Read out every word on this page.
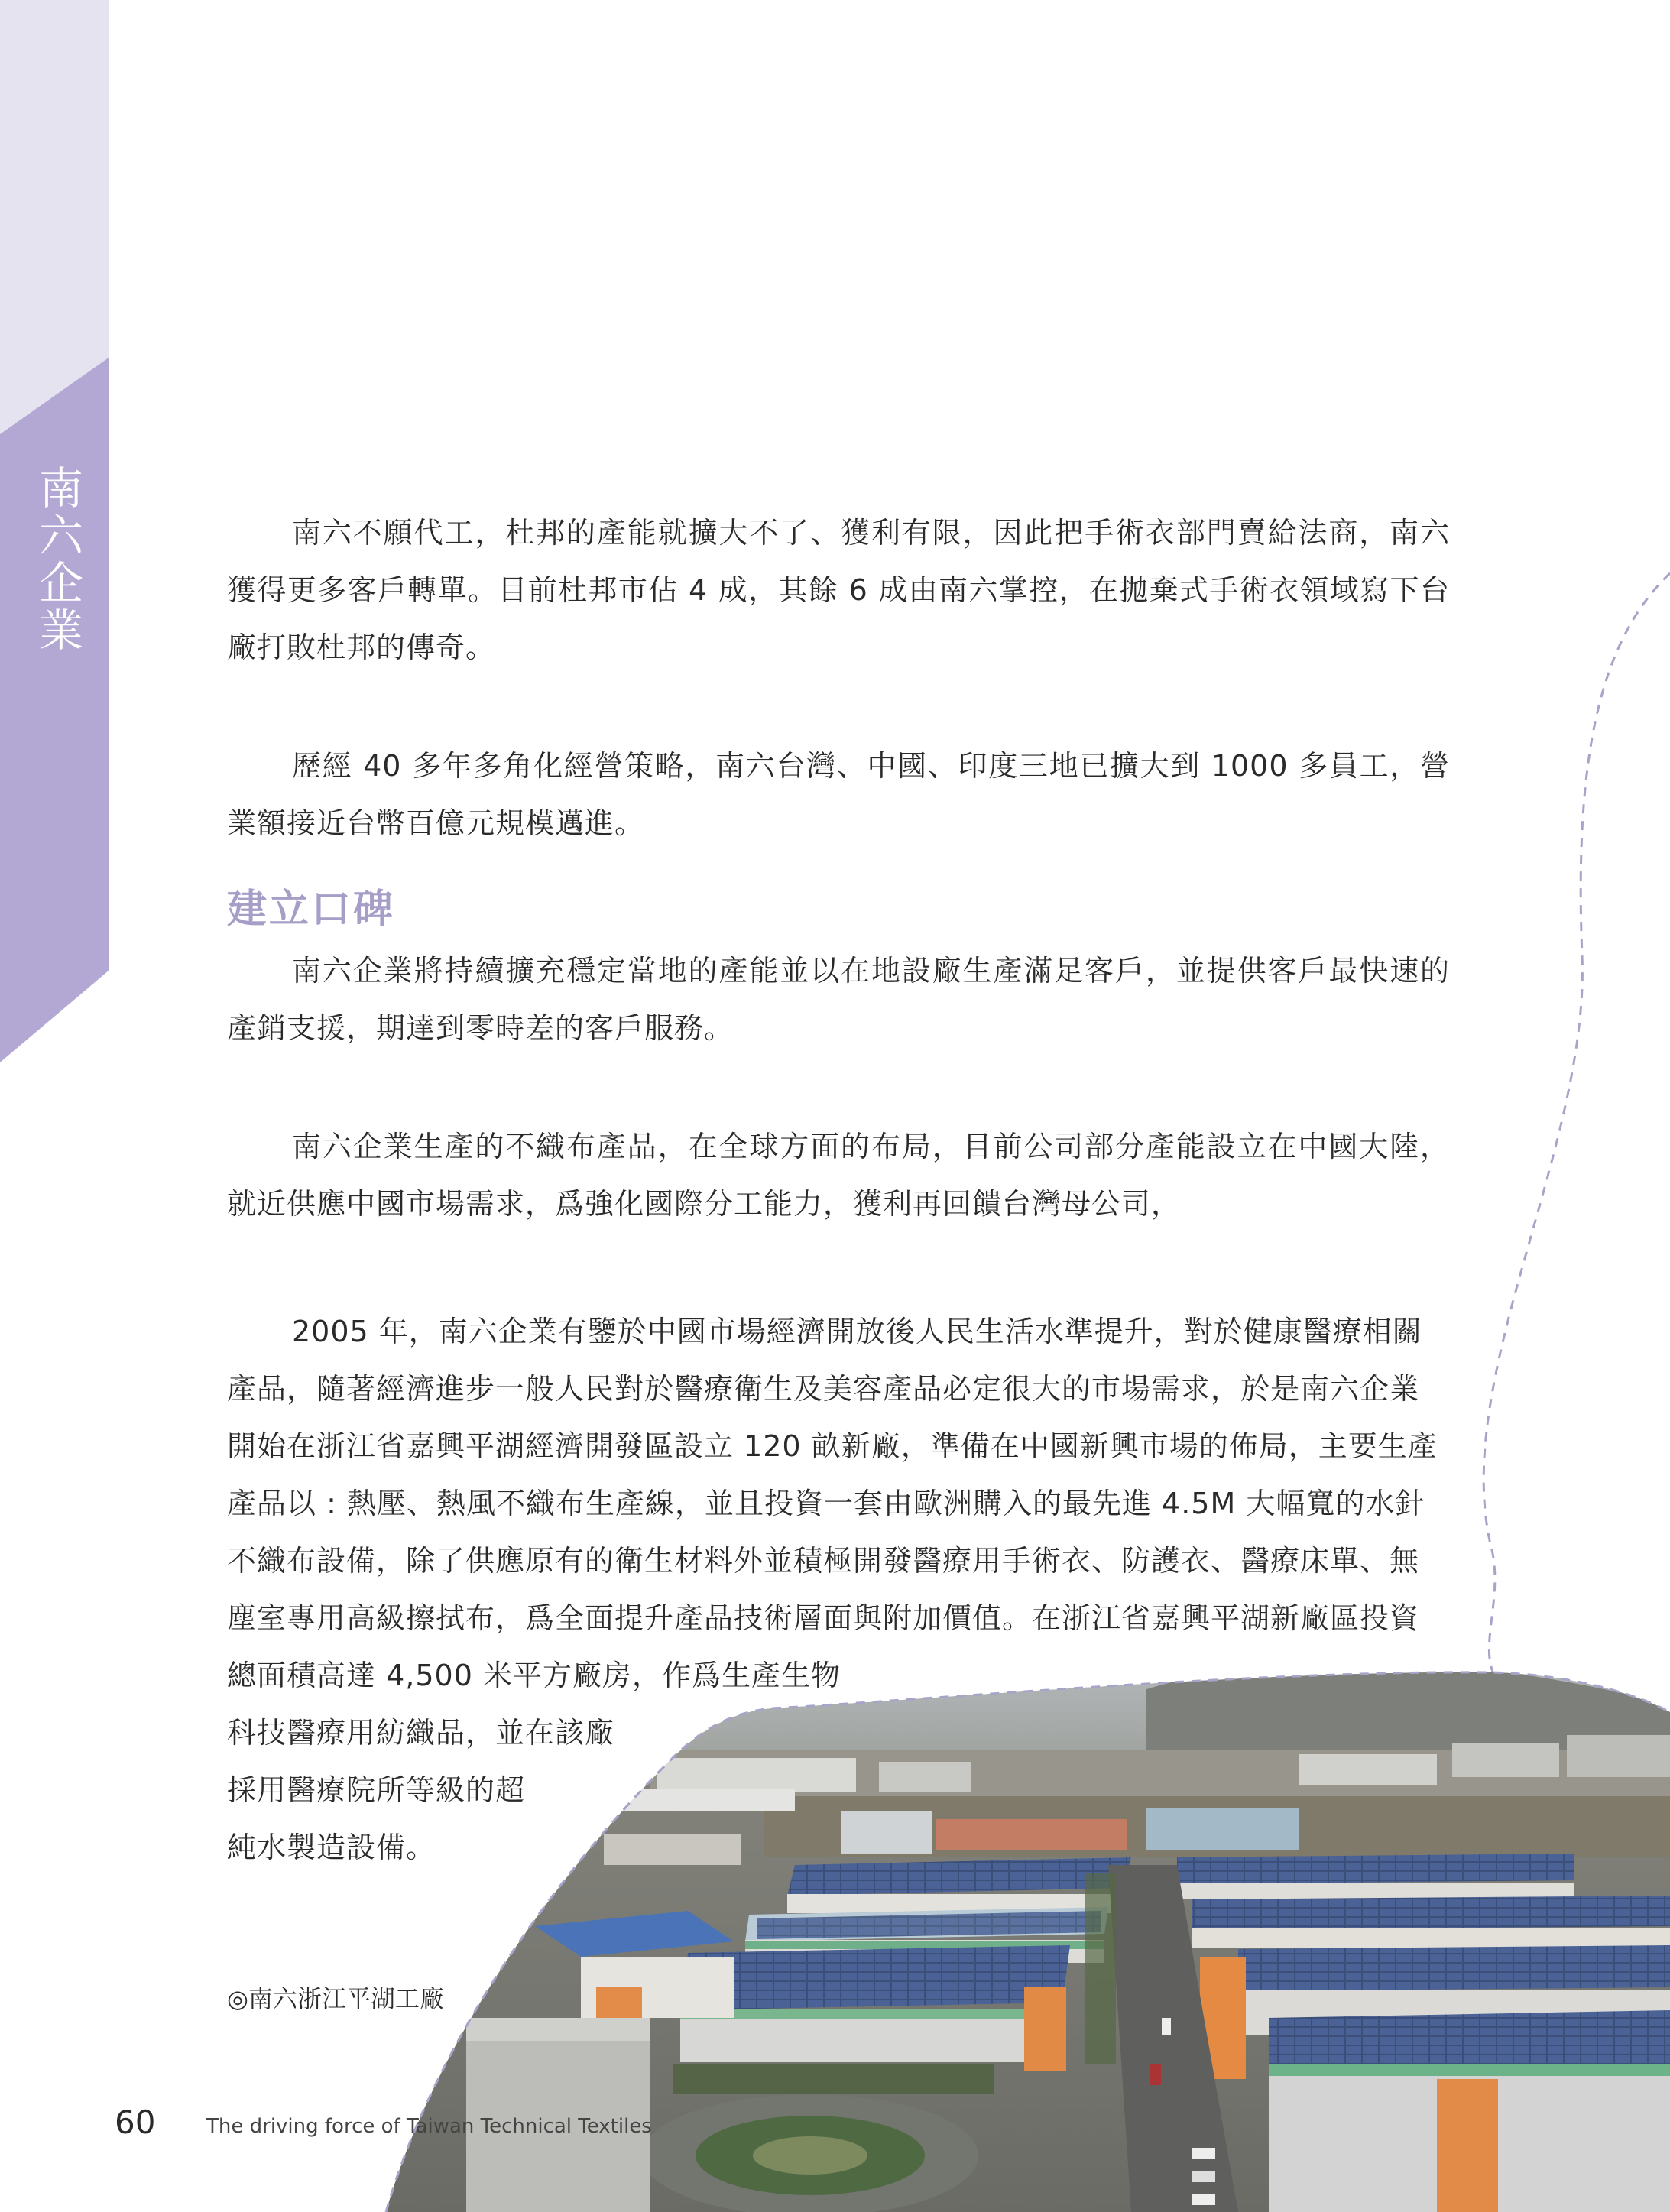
南六企業	南六不願代工，杜邦的產能就擴大不了、獲利有限，因此把手術衣部門賣給法商，南六獲得更多客戶轉單。目前杜邦市佔 4 成，其餘 6 成由南六掌控，在拋棄式手術衣領域寫下台廠打敗杜邦的傳奇。

歷經 40 多年多角化經營策略，南六台灣、中國、印度三地已擴大到 1000 多員工，營業額接近台幣百億元規模邁進。

建立口碑

南六企業將持續擴充穩定當地的產能並以在地設廠生產滿足客戶，並提供客戶最快速的產銷支援，期達到零時差的客戶服務。

南六企業生產的不織布產品，在全球方面的布局，目前公司部分產能設立在中國大陸，就近供應中國市場需求，爲強化國際分工能力，獲利再回饋台灣母公司，

2005 年，南六企業有鑒於中國市場經濟開放後人民生活水準提升，對於健康醫療相關
產品，隨著經濟進步一般人民對於醫療衛生及美容產品必定很大的市場需求，於是南六企業
開始在浙江省嘉興平湖經濟開發區設立 120 畝新廠，準備在中國新興市場的佈局，主要生產
產品以 : 熱壓、熱風不織布生產線，並且投資一套由歐洲購入的最先進 4.5M 大幅寬的水針
不織布設備，除了供應原有的衛生材料外並積極開發醫療用手術衣、防護衣、醫療床單、無
塵室專用高級擦拭布，爲全面提升產品技術層面與附加價值。在浙江省嘉興平湖新廠區投資
總面積高達 4,500 米平方廠房，作爲生產生物
科技醫療用紡織品，並在該廠
採用醫療院所等級的超
純水製造設備。
◎南六浙江平湖工廠
60	The driving force of Taiwan Technical Textiles
